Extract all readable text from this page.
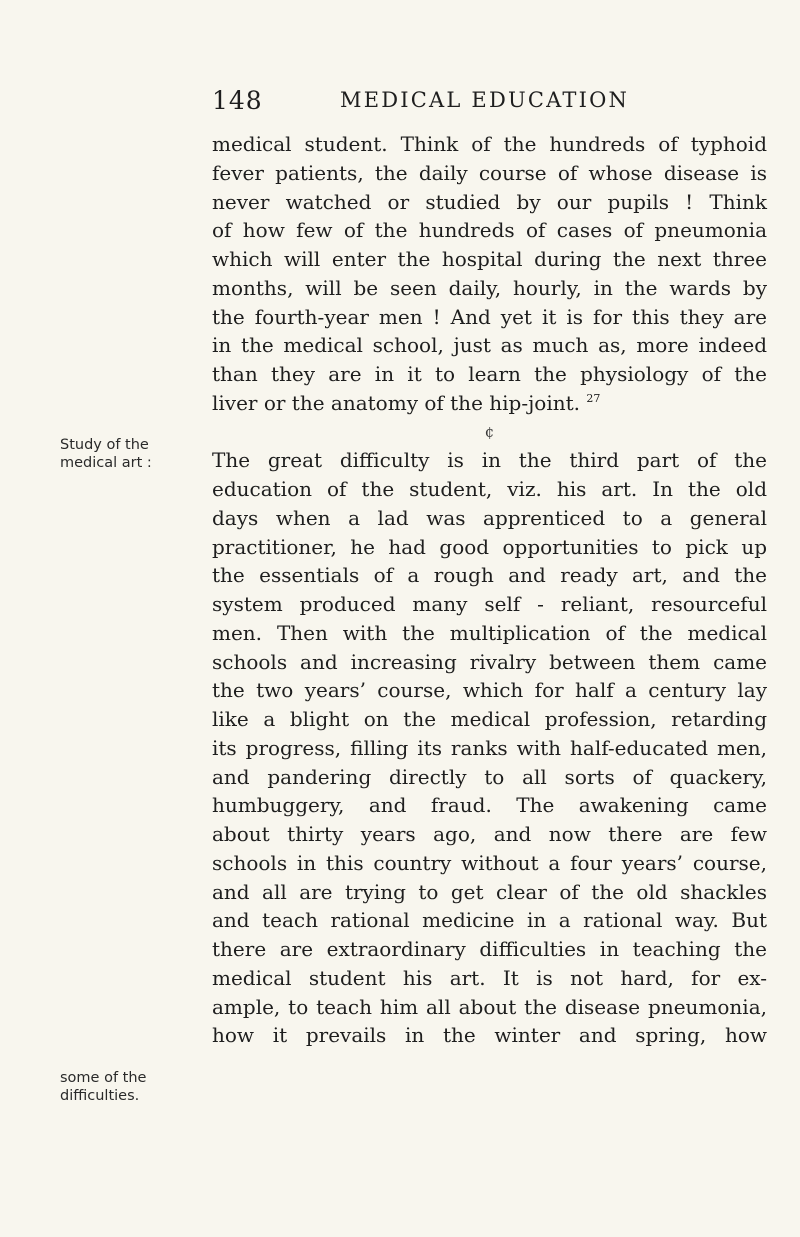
148	MEDICAL EDUCATION
Study of the
medical art :
some of the
difficulties.
medical student. Think of the hundreds of typhoid
fever patients, the daily course of whose disease is
never watched or studied by our pupils ! Think
of how few of the hundreds of cases of pneumonia
which will enter the hospital during the next three
months, will be seen daily, hourly, in the wards by
the fourth-year men ! And yet it is for this they are
in the medical school, just as much as, more indeed
than they are in it to learn the physiology of the
liver or the anatomy of the hip-joint. $^{27}$
¢
The great difficulty is in the third part of the
education of the student, viz. his art. In the old
days when a lad was apprenticed to a general
practitioner, he had good opportunities to pick up
the essentials of a rough and ready art, and the
system produced many self - reliant, resourceful
men. Then with the multiplication of the medical
schools and increasing rivalry between them came
the two years’ course, which for half a century lay
like a blight on the medical profession, retarding
its progress, filling its ranks with half-educated men,
and pandering directly to all sorts of quackery,
humbuggery, and fraud. The awakening came
about thirty years ago, and now there are few
schools in this country without a four years’ course,
and all are trying to get clear of the old shackles
and teach rational medicine in a rational way. But
there are extraordinary difficulties in teaching the
medical student his art. It is not hard, for ex-
ample, to teach him all about the disease pneumonia,
how it prevails in the winter and spring, how
